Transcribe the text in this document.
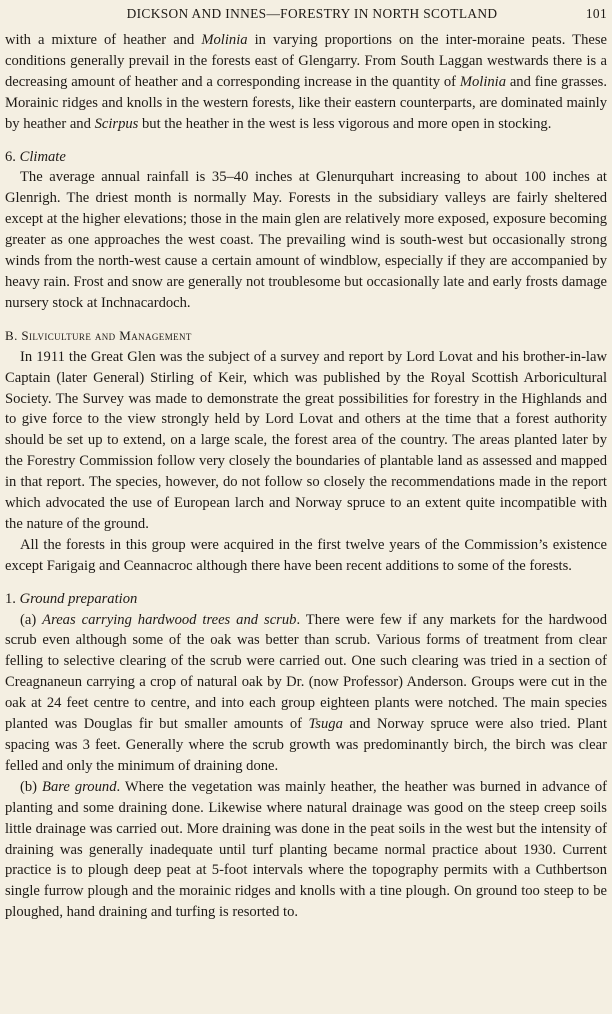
DICKSON AND INNES—FORESTRY IN NORTH SCOTLAND	101

with a mixture of heather and Molinia in varying proportions on the inter-moraine peats. These conditions generally prevail in the forests east of Glengarry. From South Laggan westwards there is a decreasing amount of heather and a corresponding increase in the quantity of Molinia and fine grasses. Morainic ridges and knolls in the western forests, like their eastern counterparts, are dominated mainly by heather and Scirpus but the heather in the west is less vigorous and more open in stocking.

6. Climate

The average annual rainfall is 35–40 inches at Glenurquhart increasing to about 100 inches at Glenrigh. The driest month is normally May. Forests in the subsidiary valleys are fairly sheltered except at the higher elevations; those in the main glen are relatively more exposed, exposure becoming greater as one approaches the west coast. The prevailing wind is south-west but occasionally strong winds from the north-west cause a certain amount of windblow, especially if they are accompanied by heavy rain. Frost and snow are generally not troublesome but occasionally late and early frosts damage nursery stock at Inchnacardoch.

B. Silviculture and Management

In 1911 the Great Glen was the subject of a survey and report by Lord Lovat and his brother-in-law Captain (later General) Stirling of Keir, which was published by the Royal Scottish Arboricultural Society. The Survey was made to demonstrate the great possibilities for forestry in the Highlands and to give force to the view strongly held by Lord Lovat and others at the time that a forest authority should be set up to extend, on a large scale, the forest area of the country. The areas planted later by the Forestry Commission follow very closely the boundaries of plantable land as assessed and mapped in that report. The species, however, do not follow so closely the recommendations made in the report which advocated the use of European larch and Norway spruce to an extent quite incompatible with the nature of the ground.

All the forests in this group were acquired in the first twelve years of the Commission’s existence except Farigaig and Ceannacroc although there have been recent additions to some of the forests.

1. Ground preparation

(a) Areas carrying hardwood trees and scrub. There were few if any markets for the hardwood scrub even although some of the oak was better than scrub. Various forms of treatment from clear felling to selective clearing of the scrub were carried out. One such clearing was tried in a section of Creagnaneun carrying a crop of natural oak by Dr. (now Professor) Anderson. Groups were cut in the oak at 24 feet centre to centre, and into each group eighteen plants were notched. The main species planted was Douglas fir but smaller amounts of Tsuga and Norway spruce were also tried. Plant spacing was 3 feet. Generally where the scrub growth was predominantly birch, the birch was clear felled and only the minimum of draining done.

(b) Bare ground. Where the vegetation was mainly heather, the heather was burned in advance of planting and some draining done. Likewise where natural drainage was good on the steep creep soils little drainage was carried out. More draining was done in the peat soils in the west but the intensity of draining was generally inadequate until turf planting became normal practice about 1930. Current practice is to plough deep peat at 5-foot intervals where the topography permits with a Cuthbertson single furrow plough and the morainic ridges and knolls with a tine plough. On ground too steep to be ploughed, hand draining and turfing is resorted to.
